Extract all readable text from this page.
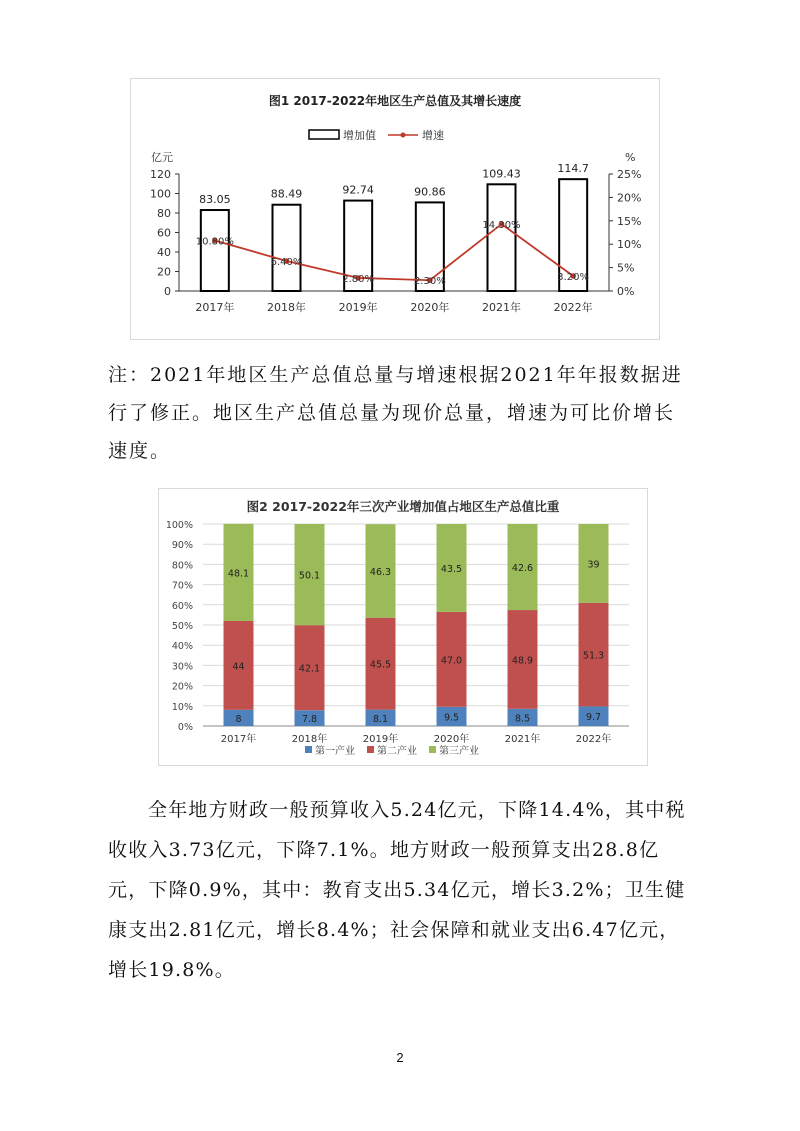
图1 2017-2022年地区生产总值及其增长速度
增加值	增速
亿元	%
0
20
40
60
80
100
120
0%
5%
10%
15%
20%
25%
83.05	88.49	92.74	90.86
109.43	114.7
2017年	2018年	2019年	2020年	2021年	2022年
10.80%
6.40%
2.80%	2.30%
14.30%
3.20%

注：2021年地区生产总值总量与增速根据2021年年报数据进行了修正。地区生产总值总量为现价总量，增速为可比价增长速度。

图2 2017-2022年三次产业增加值占地区生产总值比重
0%
10%
20%
30%
40%
50%
60%
70%
80%
90%
100%
8
44
48.1
2017年
7.8
42.1
50.1
2018年
8.1
45.5
46.3
2019年
9.5
47.0
43.5
2020年
8.5
48.9
42.6
2021年
9.7
51.3
39
2022年
第一产业 第二产业 第三产业

全年地方财政一般预算收入5.24亿元，下降14.4%，其中税收收入3.73亿元，下降7.1%。地方财政一般预算支出28.8亿元，下降0.9%，其中：教育支出5.34亿元，增长3.2%；卫生健康支出2.81亿元，增长8.4%；社会保障和就业支出6.47亿元，增长19.8%。

2
